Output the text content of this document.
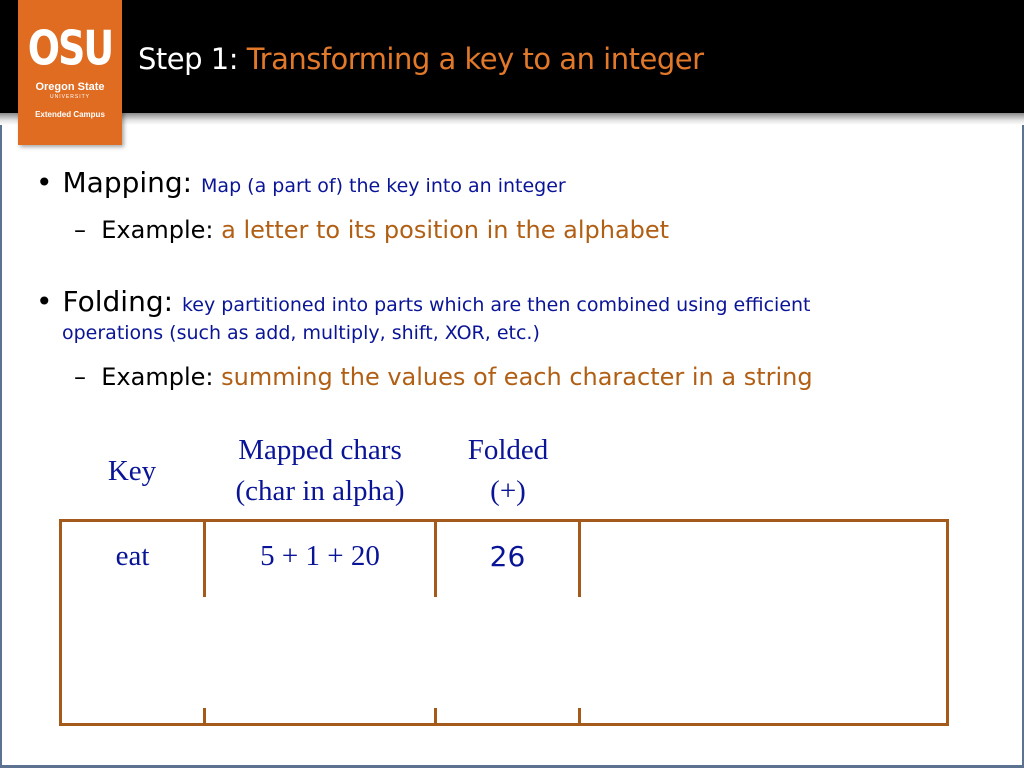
OSU
Oregon State
UNIVERSITY
Extended Campus
Step 1: Transforming a key to an integer
• Mapping: Map (a part of) the key into an integer
–  Example: a letter to its position in the alphabet
• Folding: key partitioned into parts which are then combined using efficient
operations (such as add, multiply, shift, XOR, etc.)
–  Example: summing the values of each character in a string
Key
Mapped chars
(char in alpha)
Folded
(+)
eat	5 + 1 + 20	26
